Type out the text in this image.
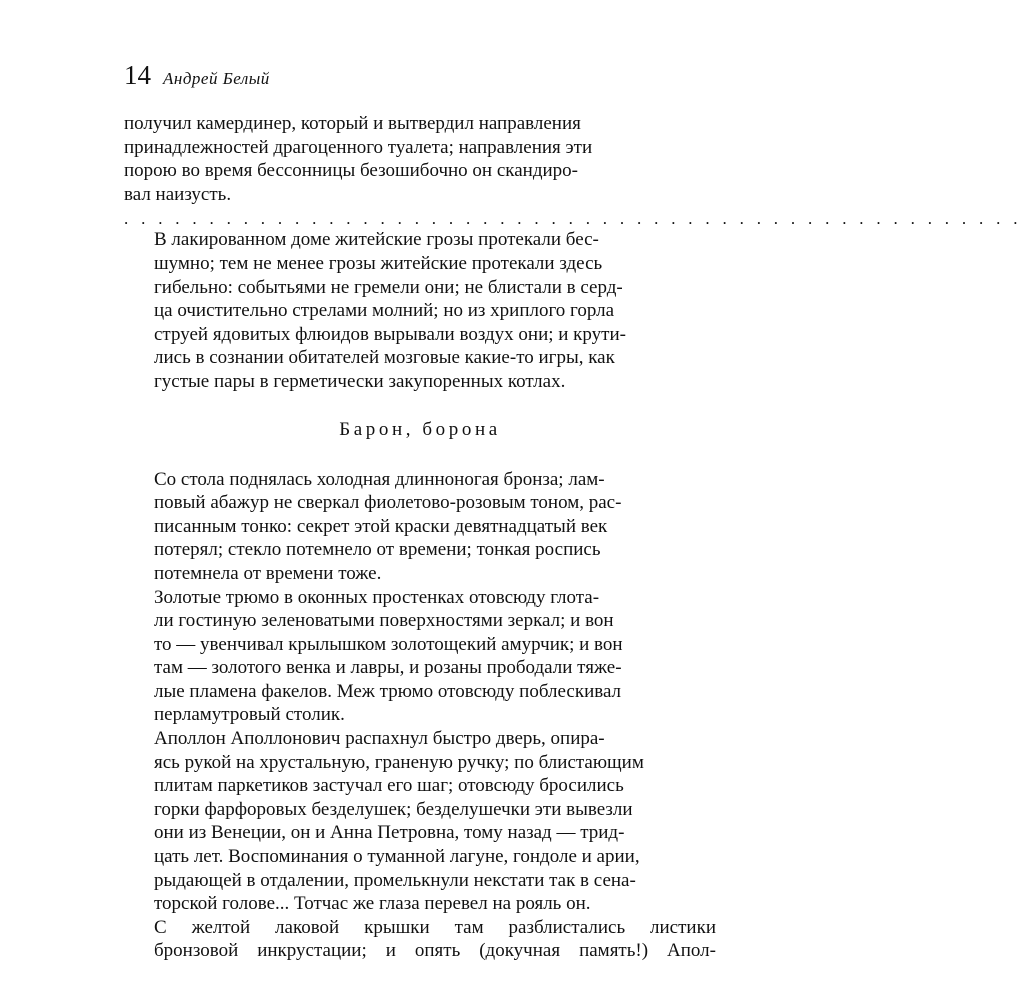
14 Андрей Белый

получил камердинер, который и вытвердил направления
принадлежностей драгоценного туалета; направления эти
порою во время бессонницы безошибочно он скандиро-
вал наизусть.

. . . . . . . . . . . . . . . . . . . . . . . . . . . . . . . . . . . . . . . . . . . . . . . . . . . . .

В лакированном доме житейские грозы протекали бес-
шумно; тем не менее грозы житейские протекали здесь
гибельно: событьями не гремели они; не блистали в серд-
ца очистительно стрелами молний; но из хриплого горла
струей ядовитых флюидов вырывали воздух они; и крути-
лись в сознании обитателей мозговые какие-то игры, как
густые пары в герметически закупоренных котлах.

Барон, борона

Со стола поднялась холодная длинноногая бронза; лам-
повый абажур не сверкал фиолетово-розовым тоном, рас-
писанным тонко: секрет этой краски девятнадцатый век
потерял; стекло потемнело от времени; тонкая роспись
потемнела от времени тоже.

Золотые трюмо в оконных простенках отовсюду глота-
ли гостиную зеленоватыми поверхностями зеркал; и вон
то — увенчивал крылышком золотощекий амурчик; и вон
там — золотого венка и лавры, и розаны прободали тяже-
лые пламена факелов. Меж трюмо отовсюду поблескивал
перламутровый столик.

Аполлон Аполлонович распахнул быстро дверь, опира-
ясь рукой на хрустальную, граненую ручку; по блистающим
плитам паркетиков застучал его шаг; отовсюду бросились
горки фарфоровых безделушек; безделушечки эти вывезли
они из Венеции, он и Анна Петровна, тому назад — трид-
цать лет. Воспоминания о туманной лагуне, гондоле и арии,
рыдающей в отдалении, промелькнули некстати так в сена-
торской голове... Тотчас же глаза перевел на рояль он.

С желтой лаковой крышки там разблистались листики
бронзовой инкрустации; и опять (докучная память!) Апол-
